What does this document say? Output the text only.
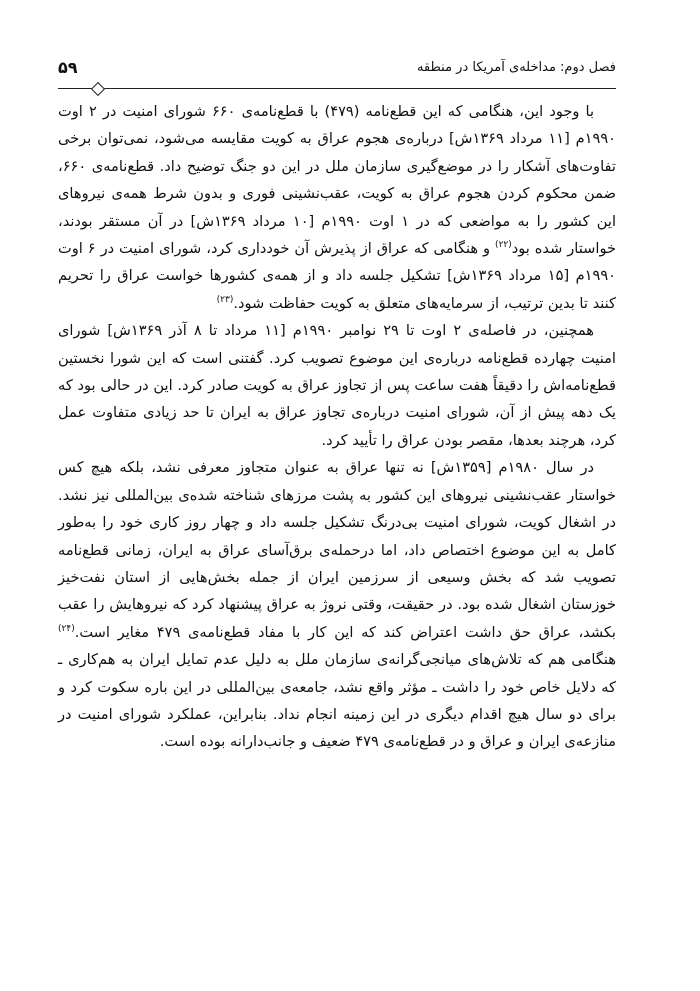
فصل دوم: مداخله‌ی آمریکا در منطقه
۵۹

با وجود این، هنگامی که این قطع‌نامه (۴۷۹) با قطع‌نامه‌ی ۶۶۰ شورای امنیت در ۲ اوت ۱۹۹۰م [۱۱ مرداد ۱۳۶۹ش] درباره‌ی هجوم عراق به کویت مقایسه می‌شود، نمی‌توان برخی تفاوت‌های آشکار را در موضع‌گیری سازمان ملل در این دو جنگ توضیح داد. قطع‌نامه‌ی ۶۶۰، ضمن محکوم کردن هجوم عراق به کویت، عقب‌نشینی فوری و بدون شرط همه‌ی نیروهای این کشور را به مواضعی که در ۱ اوت ۱۹۹۰م [۱۰ مرداد ۱۳۶۹ش] در آن مستقر بودند، خواستار شده بود$^{(۲۲)}$ و هنگامی که عراق از پذیرش آن خودداری کرد، شورای امنیت در ۶ اوت ۱۹۹۰م [۱۵ مرداد ۱۳۶۹ش] تشکیل جلسه داد و از همه‌ی کشورها خواست عراق را تحریم کنند تا بدین ترتیب، از سرمایه‌های متعلق به کویت حفاظت شود.$^{(۲۳)}$

همچنین، در فاصله‌ی ۲ اوت تا ۲۹ نوامبر ۱۹۹۰م [۱۱ مرداد تا ۸ آذر ۱۳۶۹ش] شورای امنیت چهارده قطع‌نامه درباره‌ی این موضوع تصویب کرد. گفتنی است که این شورا نخستین قطع‌نامه‌اش را دقیقاً هفت ساعت پس از تجاوز عراق به کویت صادر کرد. این در حالی بود که یک دهه پیش از آن، شورای امنیت درباره‌ی تجاوز عراق به ایران تا حد زیادی متفاوت عمل کرد، هرچند بعدها، مقصر بودن عراق را تأیید کرد.

در سال ۱۹۸۰م [۱۳۵۹ش] نه تنها عراق به عنوان متجاوز معرفی نشد، بلکه هیچ کس خواستار عقب‌نشینی نیروهای این کشور به پشت مرزهای شناخته شده‌ی بین‌المللی نیز نشد. در اشغال کویت، شورای امنیت بی‌درنگ تشکیل جلسه داد و چهار روز کاری خود را به‌طور کامل به این موضوع اختصاص داد، اما درحمله‌ی برق‌آسای عراق به ایران، زمانی قطع‌نامه تصویب شد که بخش وسیعی از سرزمین ایران از جمله بخش‌هایی از استان نفت‌خیز خوزستان اشغال شده بود. در حقیقت، وقتی نروژ به عراق پیشنهاد کرد که نیروهایش را عقب بکشد، عراق حق داشت اعتراض کند که این کار با مفاد قطع‌نامه‌ی ۴۷۹ مغایر است.$^{(۲۴)}$ هنگامی هم که تلاش‌های میانجی‌گرانه‌ی سازمان ملل به دلیل عدم تمایل ایران به هم‌کاری ـ که دلایل خاص خود را داشت ـ مؤثر واقع نشد، جامعه‌ی بین‌المللی در این باره سکوت کرد و برای دو سال هیچ اقدام دیگری در این زمینه انجام نداد. بنابراین، عملکرد شورای امنیت در منازعه‌ی ایران و عراق و در قطع‌نامه‌ی ۴۷۹ ضعیف و جانب‌دارانه بوده است.
